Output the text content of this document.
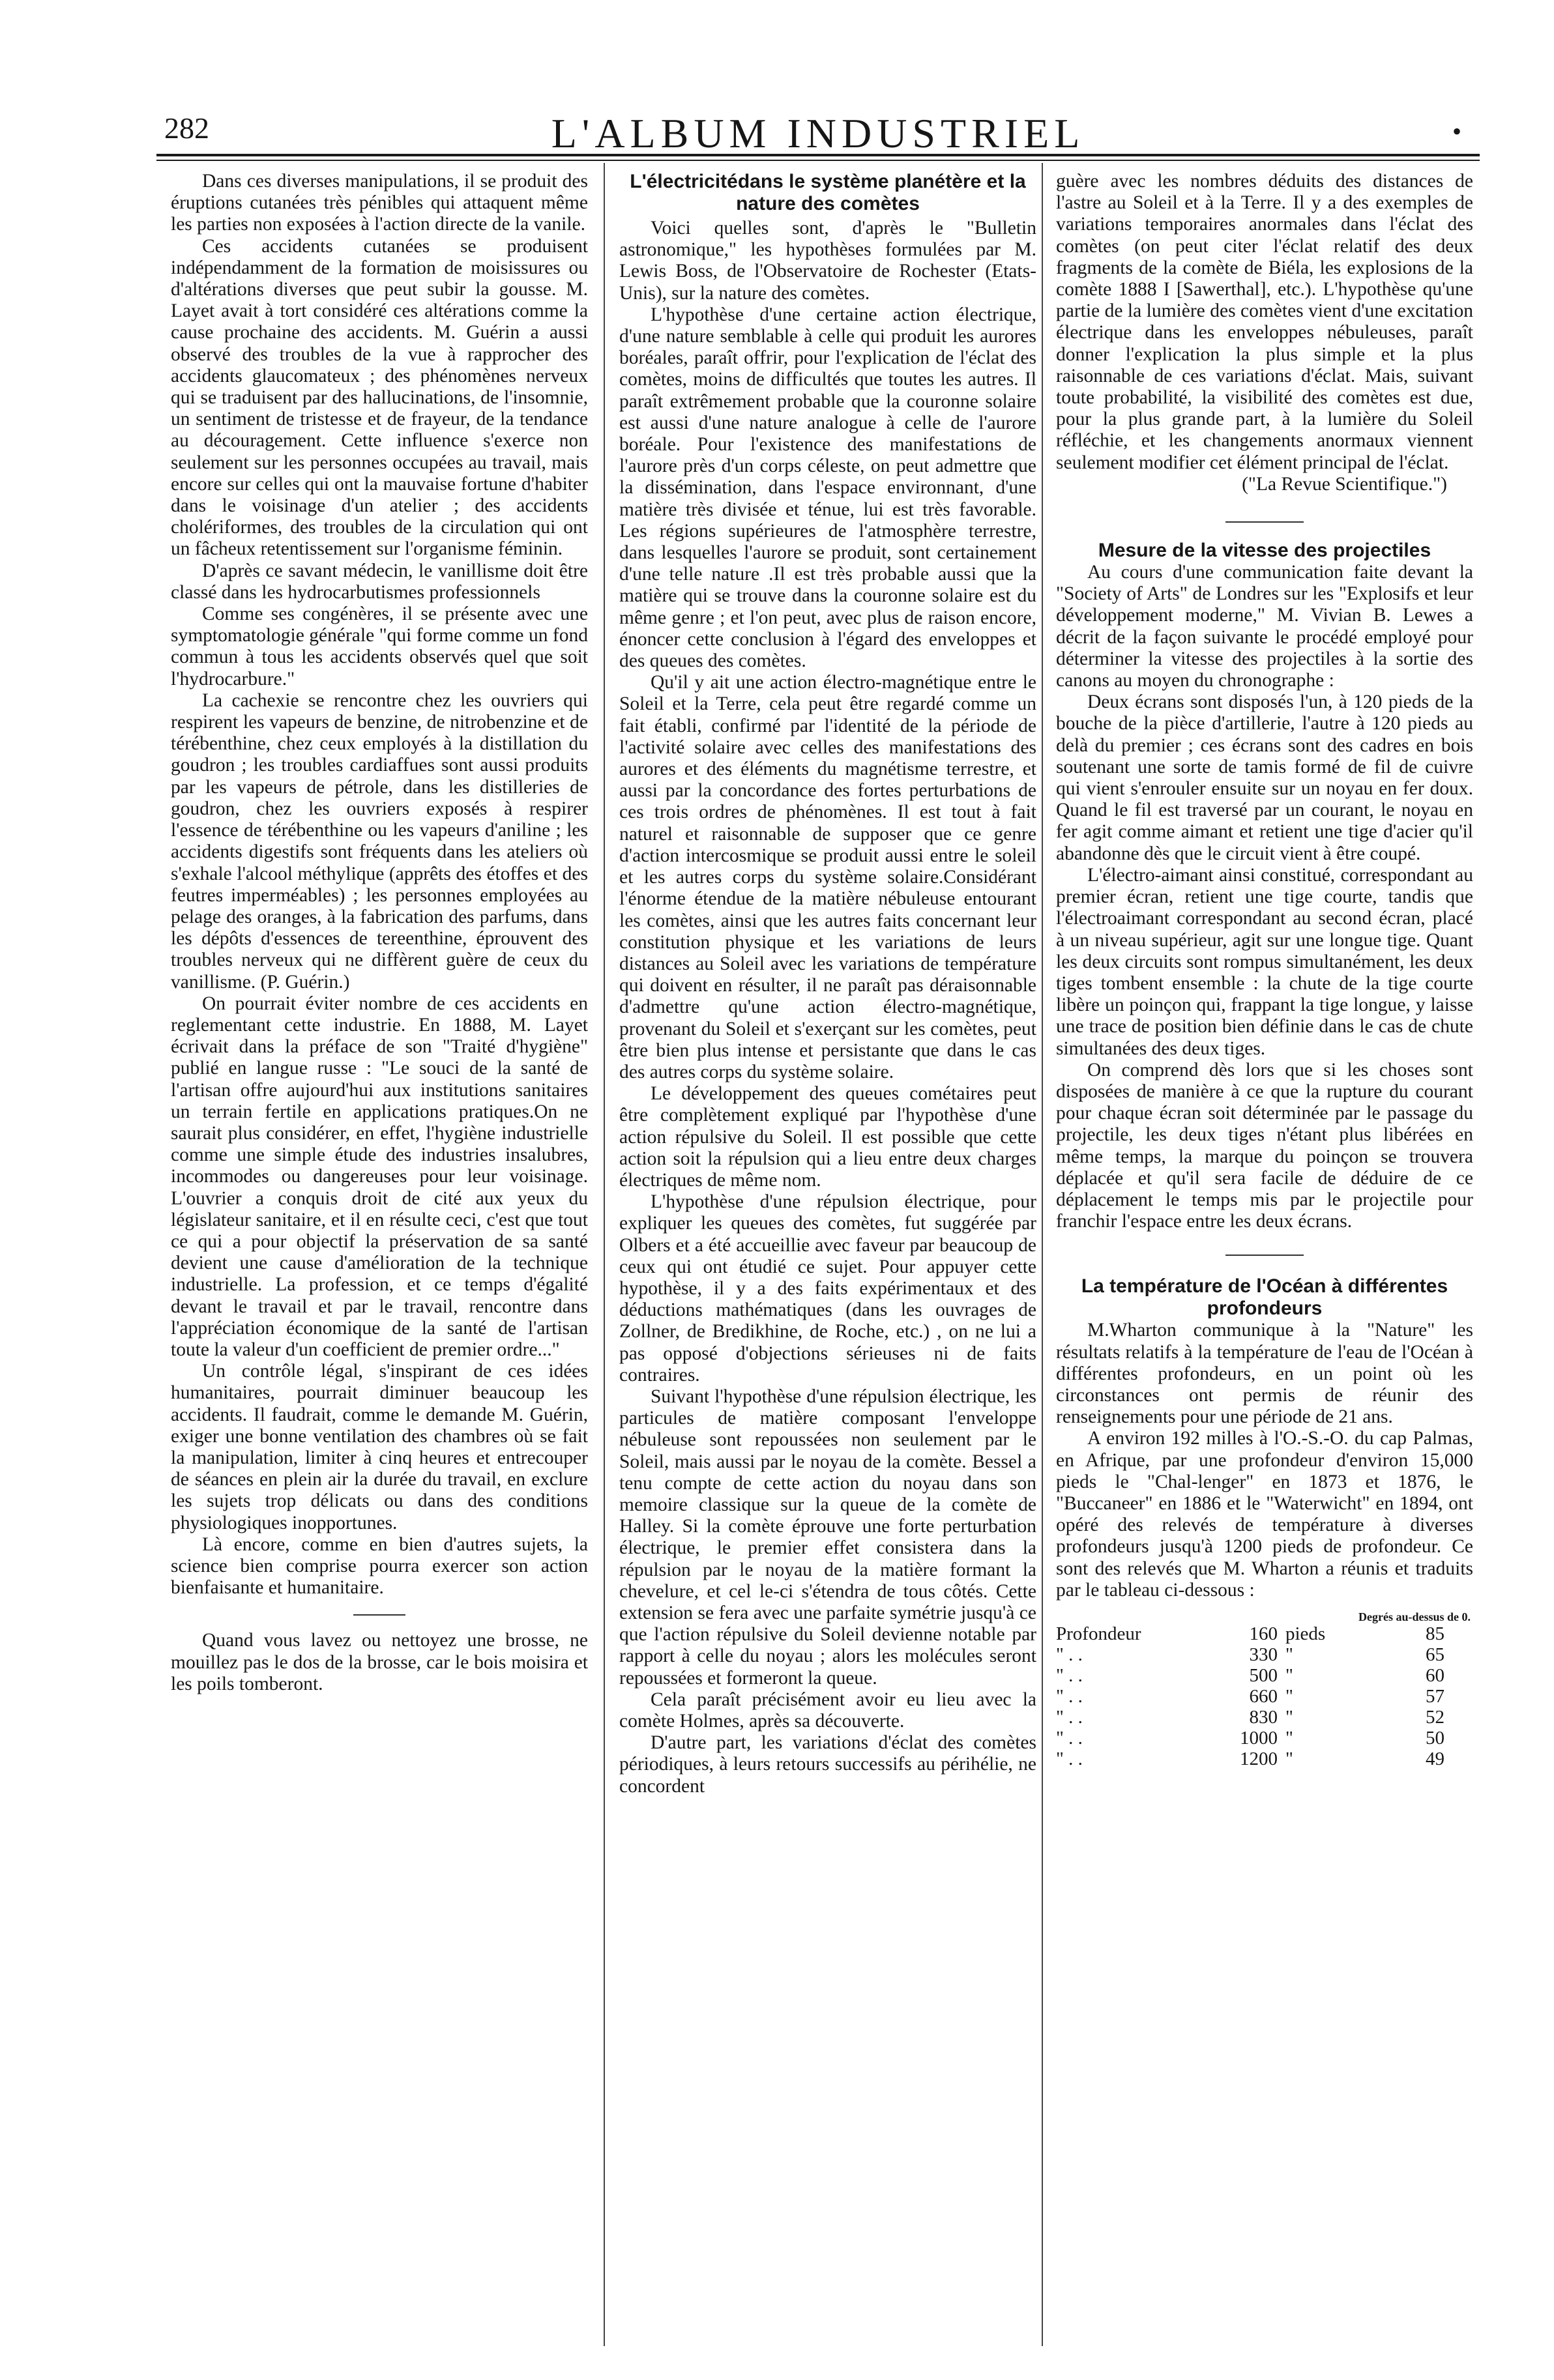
282	L'ALBUM INDUSTRIEL	•

Dans ces diverses manipulations, il se produit des éruptions cutanées très pénibles qui attaquent même les parties non exposées à l'action directe de la vanile.

Ces accidents cutanées se produisent indépendamment de la formation de moisissures ou d'altérations diverses que peut subir la gousse. M. Layet avait à tort considéré ces altérations comme la cause prochaine des accidents. M. Guérin a aussi observé des troubles de la vue à rapprocher des accidents glaucomateux ; des phénomènes nerveux qui se traduisent par des hallucinations, de l'insomnie, un sentiment de tristesse et de frayeur, de la tendance au découragement. Cette influence s'exerce non seulement sur les personnes occupées au travail, mais encore sur celles qui ont la mauvaise fortune d'habiter dans le voisinage d'un atelier ; des accidents cholériformes, des troubles de la circulation qui ont un fâcheux retentissement sur l'organisme féminin.

D'après ce savant médecin, le vanillisme doit être classé dans les hydrocarbutismes professionnels

Comme ses congénères, il se présente avec une symptomatologie générale "qui forme comme un fond commun à tous les accidents observés quel que soit l'hydrocarbure."

La cachexie se rencontre chez les ouvriers qui respirent les vapeurs de benzine, de nitrobenzine et de térébenthine, chez ceux employés à la distillation du goudron ; les troubles cardiaffues sont aussi produits par les vapeurs de pétrole, dans les distilleries de goudron, chez les ouvriers exposés à respirer l'essence de térébenthine ou les vapeurs d'aniline ; les accidents digestifs sont fréquents dans les ateliers où s'exhale l'alcool méthylique (apprêts des étoffes et des feutres imperméables) ; les personnes employées au pelage des oranges, à la fabrication des parfums, dans les dépôts d'essences de tereenthine, éprouvent des troubles nerveux qui ne diffèrent guère de ceux du vanillisme. (P. Guérin.)

On pourrait éviter nombre de ces accidents en reglementant cette industrie. En 1888, M. Layet écrivait dans la préface de son "Traité d'hygiène" publié en langue russe : "Le souci de la santé de l'artisan offre aujourd'hui aux institutions sanitaires un terrain fertile en applications pratiques.On ne saurait plus considérer, en effet, l'hygiène industrielle comme une simple étude des industries insalubres, incommodes ou dangereuses pour leur voisinage. L'ouvrier a conquis droit de cité aux yeux du législateur sanitaire, et il en résulte ceci, c'est que tout ce qui a pour objectif la préservation de sa santé devient une cause d'amélioration de la technique industrielle. La profession, et ce temps d'égalité devant le travail et par le travail, rencontre dans l'appréciation économique de la santé de l'artisan toute la valeur d'un coefficient de premier ordre..."

Un contrôle légal, s'inspirant de ces idées humanitaires, pourrait diminuer beaucoup les accidents. Il faudrait, comme le demande M. Guérin, exiger une bonne ventilation des chambres où se fait la manipulation, limiter à cinq heures et entrecouper de séances en plein air la durée du travail, en exclure les sujets trop délicats ou dans des conditions physiologiques inopportunes.

Là encore, comme en bien d'autres sujets, la science bien comprise pourra exercer son action bienfaisante et humanitaire.

Quand vous lavez ou nettoyez une brosse, ne mouillez pas le dos de la brosse, car le bois moisira et les poils tomberont.

L'électricitédans le système planétère et la nature des comètes

Voici quelles sont, d'après le "Bulletin astronomique," les hypothèses formulées par M. Lewis Boss, de l'Observatoire de Rochester (Etats-Unis), sur la nature des comètes.

L'hypothèse d'une certaine action électrique, d'une nature semblable à celle qui produit les aurores boréales, paraît offrir, pour l'explication de l'éclat des comètes, moins de difficultés que toutes les autres. Il paraît extrêmement probable que la couronne solaire est aussi d'une nature analogue à celle de l'aurore boréale. Pour l'existence des manifestations de l'aurore près d'un corps céleste, on peut admettre que la dissémination, dans l'espace environnant, d'une matière très divisée et ténue, lui est très favorable. Les régions supérieures de l'atmosphère terrestre, dans lesquelles l'aurore se produit, sont certainement d'une telle nature .Il est très probable aussi que la matière qui se trouve dans la couronne solaire est du même genre ; et l'on peut, avec plus de raison encore, énoncer cette conclusion à l'égard des enveloppes et des queues des comètes.

Qu'il y ait une action électro-magnétique entre le Soleil et la Terre, cela peut être regardé comme un fait établi, confirmé par l'identité de la période de l'activité solaire avec celles des manifestations des aurores et des éléments du magnétisme terrestre, et aussi par la concordance des fortes perturbations de ces trois ordres de phénomènes. Il est tout à fait naturel et raisonnable de supposer que ce genre d'action intercosmique se produit aussi entre le soleil et les autres corps du système solaire.Considérant l'énorme étendue de la matière nébuleuse entourant les comètes, ainsi que les autres faits concernant leur constitution physique et les variations de leurs distances au Soleil avec les variations de température qui doivent en résulter, il ne paraît pas déraisonnable d'admettre qu'une action électro-magnétique, provenant du Soleil et s'exerçant sur les comètes, peut être bien plus intense et persistante que dans le cas des autres corps du système solaire.

Le développement des queues cométaires peut être complètement expliqué par l'hypothèse d'une action répulsive du Soleil. Il est possible que cette action soit la répulsion qui a lieu entre deux charges électriques de même nom.

L'hypothèse d'une répulsion électrique, pour expliquer les queues des comètes, fut suggérée par Olbers et a été accueillie avec faveur par beaucoup de ceux qui ont étudié ce sujet. Pour appuyer cette hypothèse, il y a des faits expérimentaux et des déductions mathématiques (dans les ouvrages de Zollner, de Bredikhine, de Roche, etc.) , on ne lui a pas opposé d'objections sérieuses ni de faits contraires.

Suivant l'hypothèse d'une répulsion électrique, les particules de matière composant l'enveloppe nébuleuse sont repoussées non seulement par le Soleil, mais aussi par le noyau de la comète. Bessel a tenu compte de cette action du noyau dans son memoire classique sur la queue de la comète de Halley. Si la comète éprouve une forte perturbation électrique, le premier effet consistera dans la répulsion par le noyau de la matière formant la chevelure, et cel le-ci s'étendra de tous côtés. Cette extension se fera avec une parfaite symétrie jusqu'à ce que l'action répulsive du Soleil devienne notable par rapport à celle du noyau ; alors les molécules seront repoussées et formeront la queue.

Cela paraît précisément avoir eu lieu avec la comète Holmes, après sa découverte.

D'autre part, les variations d'éclat des comètes périodiques, à leurs retours successifs au périhélie, ne concordent

guère avec les nombres déduits des distances de l'astre au Soleil et à la Terre. Il y a des exemples de variations temporaires anormales dans l'éclat des comètes (on peut citer l'éclat relatif des deux fragments de la comète de Biéla, les explosions de la comète 1888 I [Sawerthal], etc.). L'hypothèse qu'une partie de la lumière des comètes vient d'une excitation électrique dans les enveloppes nébuleuses, paraît donner l'explication la plus simple et la plus raisonnable de ces variations d'éclat. Mais, suivant toute probabilité, la visibilité des comètes est due, pour la plus grande part, à la lumière du Soleil réfléchie, et les changements anormaux viennent seulement modifier cet élément principal de l'éclat.

("La Revue Scientifique.")

Mesure de la vitesse des projectiles

Au cours d'une communication faite devant la "Society of Arts" de Londres sur les "Explosifs et leur développement moderne," M. Vivian B. Lewes a décrit de la façon suivante le procédé employé pour déterminer la vitesse des projectiles à la sortie des canons au moyen du chronographe :

Deux écrans sont disposés l'un, à 120 pieds de la bouche de la pièce d'artillerie, l'autre à 120 pieds au delà du premier ; ces écrans sont des cadres en bois soutenant une sorte de tamis formé de fil de cuivre qui vient s'enrouler ensuite sur un noyau en fer doux. Quand le fil est traversé par un courant, le noyau en fer agit comme aimant et retient une tige d'acier qu'il abandonne dès que le circuit vient à être coupé.

L'électro-aimant ainsi constitué, correspondant au premier écran, retient une tige courte, tandis que l'électroaimant correspondant au second écran, placé à un niveau supérieur, agit sur une longue tige. Quant les deux circuits sont rompus simultanément, les deux tiges tombent ensemble : la chute de la tige courte libère un poinçon qui, frappant la tige longue, y laisse une trace de position bien définie dans le cas de chute simultanées des deux tiges.

On comprend dès lors que si les choses sont disposées de manière à ce que la rupture du courant pour chaque écran soit déterminée par le passage du projectile, les deux tiges n'étant plus libérées en même temps, la marque du poinçon se trouvera déplacée et qu'il sera facile de déduire de ce déplacement le temps mis par le projectile pour franchir l'espace entre les deux écrans.

La température de l'Océan à différentes profondeurs

M.Wharton communique à la "Nature" les résultats relatifs à la température de l'eau de l'Océan à différentes profondeurs, en un point où les circonstances ont permis de réunir des renseignements pour une période de 21 ans.

A environ 192 milles à l'O.-S.-O. du cap Palmas, en Afrique, par une profondeur d'environ 15,000 pieds le "Chal-lenger" en 1873 et 1876, le "Buccaneer" en 1886 et le "Waterwicht" en 1894, ont opéré des relevés de température à diverses profondeurs jusqu'à 1200 pieds de profondeur. Ce sont des relevés que M. Wharton a réunis et traduits par le tableau ci-dessous :

			Degrés au-dessus de 0.
Profondeur	160	pieds	85
" . .	330	"	65
" . .	500	"	60
" . .	660	"	57
" . .	830	"	52
" . .	1000	"	50
" . .	1200	"	49
